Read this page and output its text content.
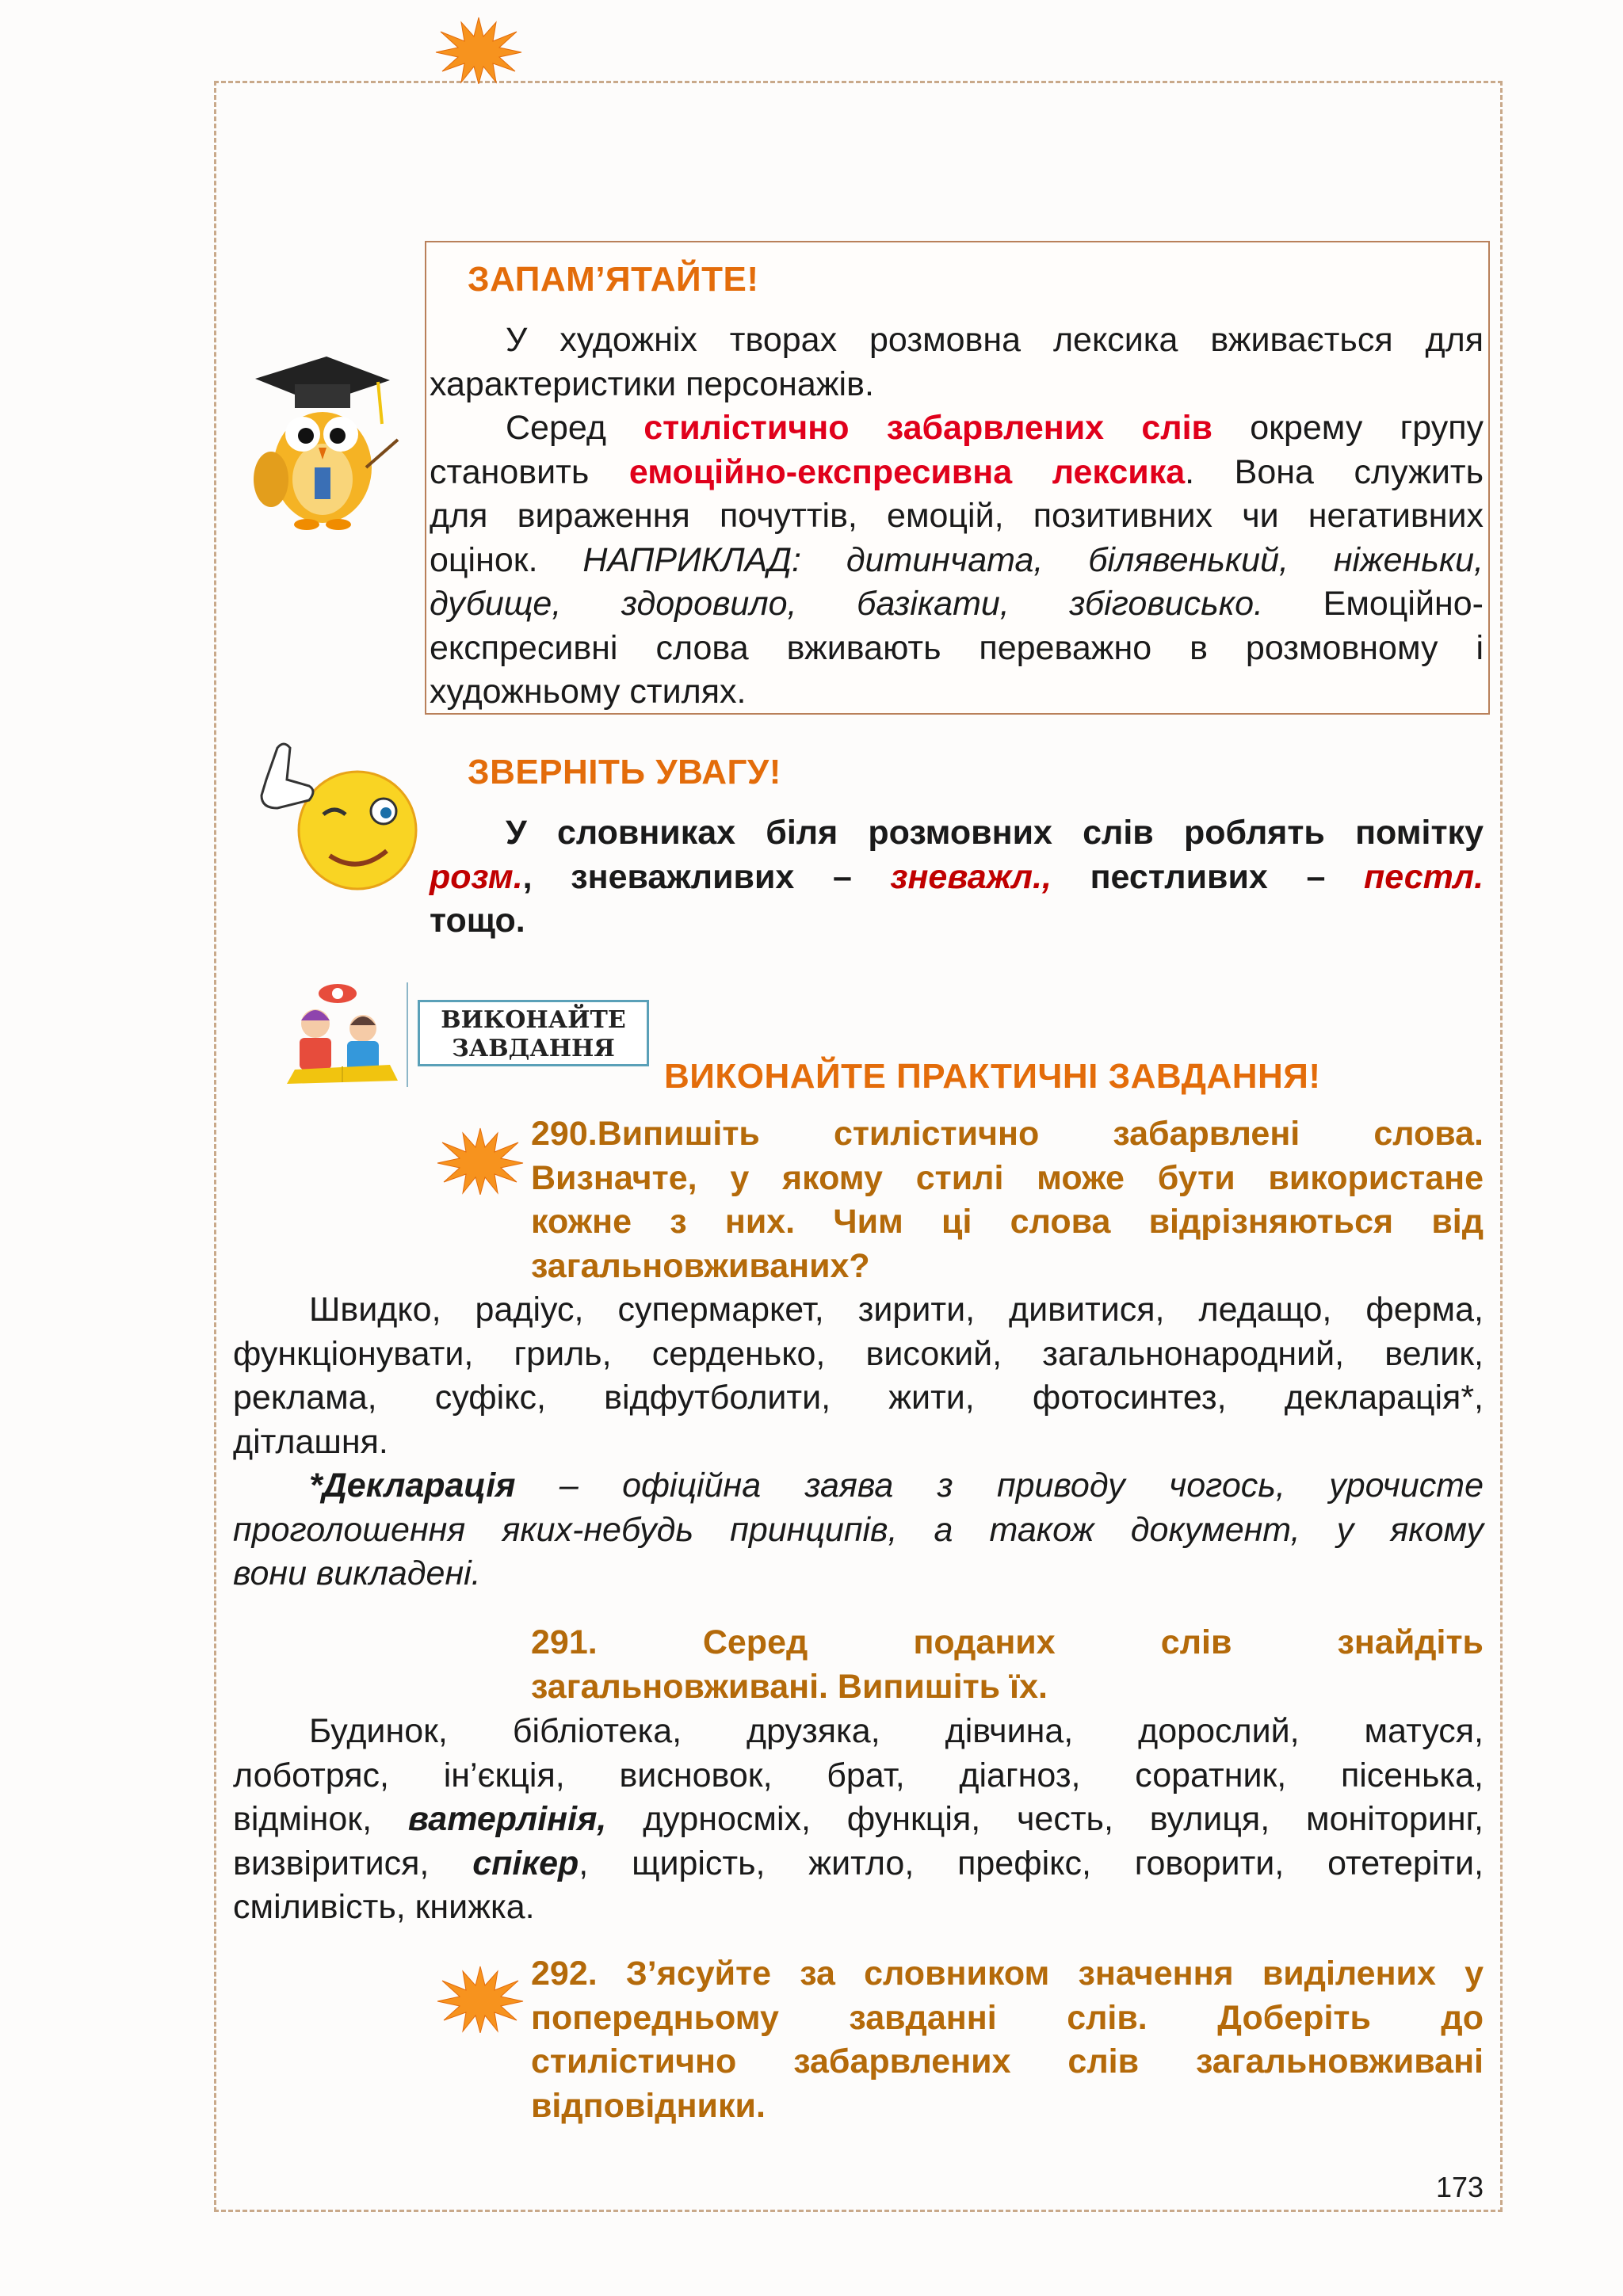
ЗАПАМ’ЯТАЙТЕ!
У художніх творах розмовна лексика вживається для
характеристики персонажів.
Серед стилістично забарвлених слів окрему групу
становить емоційно-експресивна лексика. Вона служить
для вираження почуттів, емоцій, позитивних чи негативних
оцінок. НАПРИКЛАД: дитинчата, білявенький, ніженьки,
дубище, здоровило, базікати, збіговисько. Емоційно-
експресивні слова вживають переважно в розмовному і
художньому стилях.
ЗВЕРНІТЬ УВАГУ!
У словниках біля розмовних слів роблять помітку
розм., зневажливих – зневажл., пестливих – пестл.
тощо.
ВИКОНАЙТЕ
ЗАВДАННЯ
ВИКОНАЙТЕ ПРАКТИЧНІ ЗАВДАННЯ!
290.Випишіть стилістично забарвлені слова.
Визначте, у якому стилі може бути використане
кожне з них. Чим ці слова відрізняються від
загальновживаних?
Швидко, радіус, супермаркет, зирити, дивитися, ледащо, ферма,
функціонувати, гриль, серденько, високий, загальнонародний, велик,
реклама, суфікс, відфутболити, жити, фотосинтез, декларація*,
дітлашня.
*Декларація – офіційна заява з приводу чогось, урочисте
проголошення яких-небудь принципів, а також документ, у якому
вони викладені.
291. Серед поданих слів знайдіть
загальновживані. Випишіть їх.
Будинок, бібліотека, друзяка, дівчина, дорослий, матуся,
лоботряс, ін’єкція, висновок, брат, діагноз, соратник, пісенька,
відмінок, ватерлінія, дурносміх, функція, честь, вулиця, моніторинг,
визвіритися, спікер, щирість, житло, префікс, говорити, отетеріти,
сміливість, книжка.
292. З’ясуйте за словником значення виділених у
попередньому завданні слів. Доберіть до
стилістично забарвлених слів загальновживані
відповідники.
173
